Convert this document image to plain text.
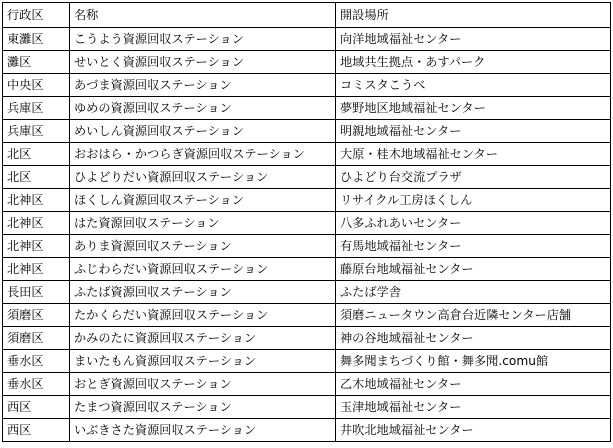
行政区	名称	開設場所
東灘区	こうよう資源回収ステーション	向洋地域福祉センター
灘区	せいとく資源回収ステーション	地域共生拠点・あすパーク
中央区	あづま資源回収ステーション	コミスタこうべ
兵庫区	ゆめの資源回収ステーション	夢野地区地域福祉センター
兵庫区	めいしん資源回収ステーション	明親地域福祉センター
北区	おおはら・かつらぎ資源回収ステーション	大原・桂木地域福祉センター
北区	ひよどりだい資源回収ステーション	ひよどり台交流プラザ
北神区	ほくしん資源回収ステーション	リサイクル工房ほくしん
北神区	はた資源回収ステーション	八多ふれあいセンター
北神区	ありま資源回収ステーション	有馬地域福祉センター
北神区	ふじわらだい資源回収ステーション	藤原台地域福祉センター
長田区	ふたば資源回収ステーション	ふたば学舎
須磨区	たかくらだい資源回収ステーション	須磨ニュータウン高倉台近隣センター店舗
須磨区	かみのたに資源回収ステーション	神の谷地域福祉センター
垂水区	まいたもん資源回収ステーション	舞多聞まちづくり館・舞多聞.comu館
垂水区	おとぎ資源回収ステーション	乙木地域福祉センター
西区	たまつ資源回収ステーション	玉津地域福祉センター
西区	いぶきさた資源回収ステーション	井吹北地域福祉センター
